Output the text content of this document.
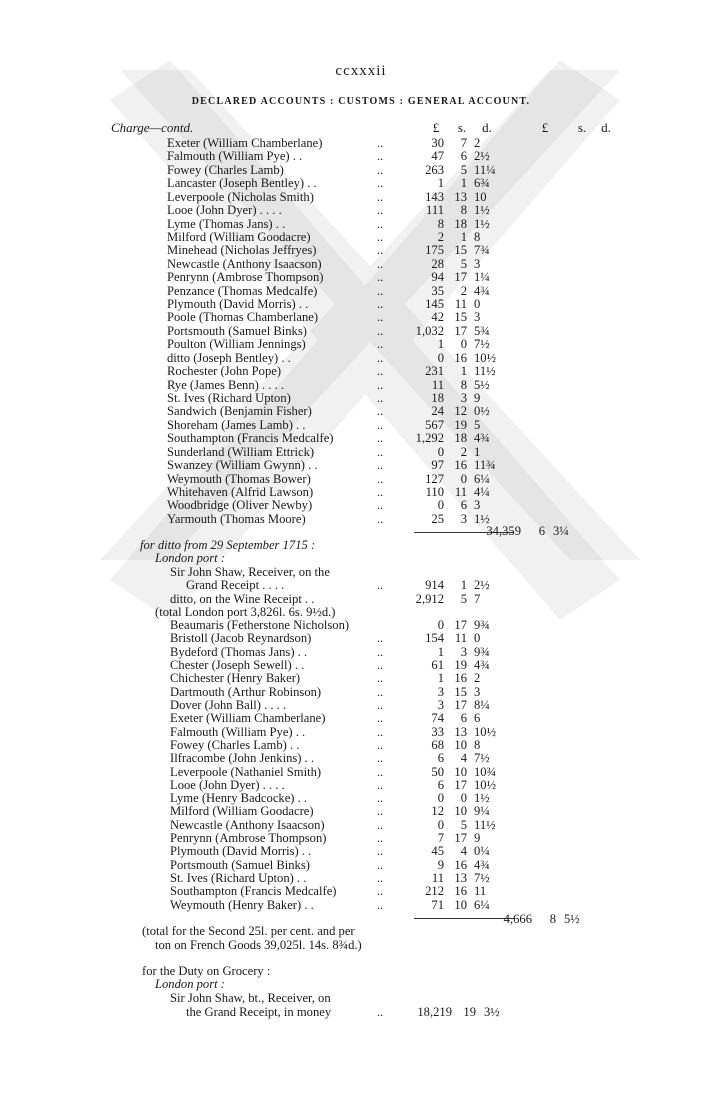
ccxxxii
DECLARED ACCOUNTS : CUSTOMS : GENERAL ACCOUNT.
Charge—contd.	£	s.	d.	£	s.	d.
Exeter (William Chamberlane)	..	30	7 2
Falmouth (William Pye) . .	..	47	6 2½
Fowey (Charles Lamb)	..	263	5 11¼
Lancaster (Joseph Bentley) . .	..	1	1 6¾
Leverpoole (Nicholas Smith)	..	143 13 10
Looe (John Dyer) . . . .	..	111	8 1½
Lyme (Thomas Jans) . .	..	8 18 1½
Milford (William Goodacre)	..	2	1 8
Minehead (Nicholas Jeffryes)	..	175 15 7¾
Newcastle (Anthony Isaacson)	..	28	5 3
Penrynn (Ambrose Thompson)	..	94 17 1¼
Penzance (Thomas Medcalfe)	..	35	2 4¾
Plymouth (David Morris) . .	..	145 11 0
Poole (Thomas Chamberlane)	..	42 15 3
Portsmouth (Samuel Binks)	..	1,032 17 5¾
Poulton (William Jennings)	..	1	0 7½
ditto (Joseph Bentley) . .	..	0 16 10½
Rochester (John Pope)	..	231	1 11½
Rye (James Benn) . . . .	..	11	8 5½
St. Ives (Richard Upton)	..	18	3 9
Sandwich (Benjamin Fisher)	..	24 12 0½
Shoreham (James Lamb) . .	..	567 19 5
Southampton (Francis Medcalfe)	..	1,292 18 4¾
Sunderland (William Ettrick)	..	0	2 1
Swanzey (William Gwynn) . .	..	97 16 11¾
Weymouth (Thomas Bower)	..	127	0 6¼
Whitehaven (Alfrid Lawson)	..	110 11 4¼
Woodbridge (Oliver Newby)	..	0	6 3
Yarmouth (Thomas Moore)	..	25	3 1½
34,359	6 3¼
for ditto from 29 September 1715 :
London port :
Sir John Shaw, Receiver, on the
Grand Receipt . . . .	..	914	1 2½
ditto, on the Wine Receipt . .	2,912	5 7
(total London port 3,826l. 6s. 9½d.)
Beaumaris (Fetherstone Nicholson)	0 17 9¾
Bristoll (Jacob Reynardson)	..	154 11 0
Bydeford (Thomas Jans) . .	..	1	3 9¾
Chester (Joseph Sewell) . .	..	61 19 4¾
Chichester (Henry Baker)	..	1 16 2
Dartmouth (Arthur Robinson)	..	3 15 3
Dover (John Ball) . . . .	..	3 17 8¼
Exeter (William Chamberlane)	..	74	6 6
Falmouth (William Pye) . .	..	33 13 10½
Fowey (Charles Lamb) . .	..	68 10 8
Ilfracombe (John Jenkins) . .	..	6	4 7½
Leverpoole (Nathaniel Smith)	..	50 10 10¾
Looe (John Dyer) . . . .	..	6 17 10½
Lyme (Henry Badcocke) . .	..	0	0 1½
Milford (William Goodacre)	..	12 10 9¼
Newcastle (Anthony Isaacson)	..	0	5 11½
Penrynn (Ambrose Thompson)	..	7 17 9
Plymouth (David Morris) . .	..	45	4 0¼
Portsmouth (Samuel Binks)	..	9 16 4¾
St. Ives (Richard Upton) . .	..	11 13 7½
Southampton (Francis Medcalfe)	..	212 16 11
Weymouth (Henry Baker) . .	..	71 10 6¼
4,666	8 5½
(total for the Second 25l. per cent. and per
ton on French Goods 39,025l. 14s. 8¾d.)
for the Duty on Grocery :
London port :
Sir John Shaw, bt., Receiver, on
the Grand Receipt, in money	..	18,219 19 3½
